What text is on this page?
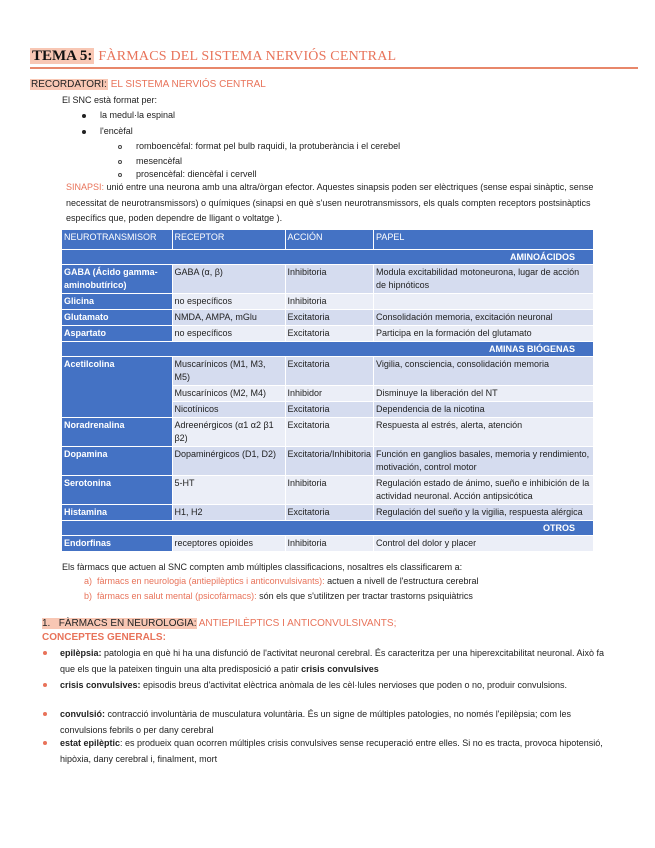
TEMA 5: FÀRMACS DEL SISTEMA NERVIÓS CENTRAL
RECORDATORI: EL SISTEMA NERVIÓS CENTRAL
El SNC està format per:
la medul·la espinal
l'encèfal
romboencèfal: format pel bulb raquidi, la protuberància i el cerebel
mesencèfal
prosencèfal: diencèfal i cervell
SINAPSI: unió entre una neurona amb una altra/òrgan efector. Aquestes sinapsis poden ser elèctriques (sense espai sinàptic, sense necessitat de neurotransmissors) o químiques (sinapsi en què s'usen neurotransmissors, els quals compten receptors postsinàptics específics que, poden dependre de lligant o voltatge ).
NEUROTRANSMISOR	RECEPTOR	ACCIÓN	PAPEL
AMINOÁCIDOS			
GABA (Ácido gamma-aminobutírico)	GABA (α, β)	Inhibitoria	Modula excitabilidad motoneurona, lugar de acción de hipnóticos
Glicina	no específicos	Inhibitoria	
Glutamato	NMDA, AMPA, mGlu	Excitatoria	Consolidación memoria, excitación neuronal
Aspartato	no específicos	Excitatoria	Participa en la formación del glutamato
AMINAS BIÓGENAS			
Acetilcolina	Muscarínicos (M1, M3, M5)	Excitatoria	Vigilia, consciencia, consolidación memoria
	Muscarínicos (M2, M4)	Inhibidor	Disminuye la liberación del NT
	Nicotínicos	Excitatoria	Dependencia de la nicotina
Noradrenalina	Adreenérgicos (α1 α2 β1 β2)	Excitatoria	Respuesta al estrés, alerta, atención
Dopamina	Dopaminérgicos (D1, D2)	Excitatoria/Inhibitoria	Función en ganglios basales, memoria y rendimiento, motivación, control motor
Serotonina	5-HT	Inhibitoria	Regulación estado de ánimo, sueño e inhibición de la actividad neuronal. Acción antipsicótica
Histamina	H1, H2	Excitatoria	Regulación del sueño y la vigilia, respuesta alérgica
OTROS			
Endorfinas	receptores opioides	Inhibitoria	Control del dolor y placer
Els fàrmacs que actuen al SNC compten amb múltiples classificacions, nosaltres els classificarem a:
a) fàrmacs en neurologia (antiepilèptics i anticonvulsivants): actuen a nivell de l'estructura cerebral
b) fàrmacs en salut mental (psicofàrmacs): són els que s'utilitzen per tractar trastorns psiquiàtrics
1. FÀRMACS EN NEUROLOGIA: ANTIEPILÈPTICS I ANTICONVULSIVANTS;
CONCEPTES GENERALS:
epilèpsia: patologia en què hi ha una disfunció de l'activitat neuronal cerebral. És caracteritza per una hiperexcitabilitat neuronal. Això fa que els que la pateixen tinguin una alta predisposició a patir crisis convulsives
crisis convulsives: episodis breus d'activitat elèctrica anòmala de les cèl·lules nervioses que poden o no, produir convulsions.
convulsió: contracció involuntària de musculatura voluntària. És un signe de múltiples patologies, no només l'epilèpsia; com les convulsions febrils o per dany cerebral
estat epilèptic: es produeix quan ocorren múltiples crisis convulsives sense recuperació entre elles. Si no es tracta, provoca hipotensió, hipòxia, dany cerebral i, finalment, mort
